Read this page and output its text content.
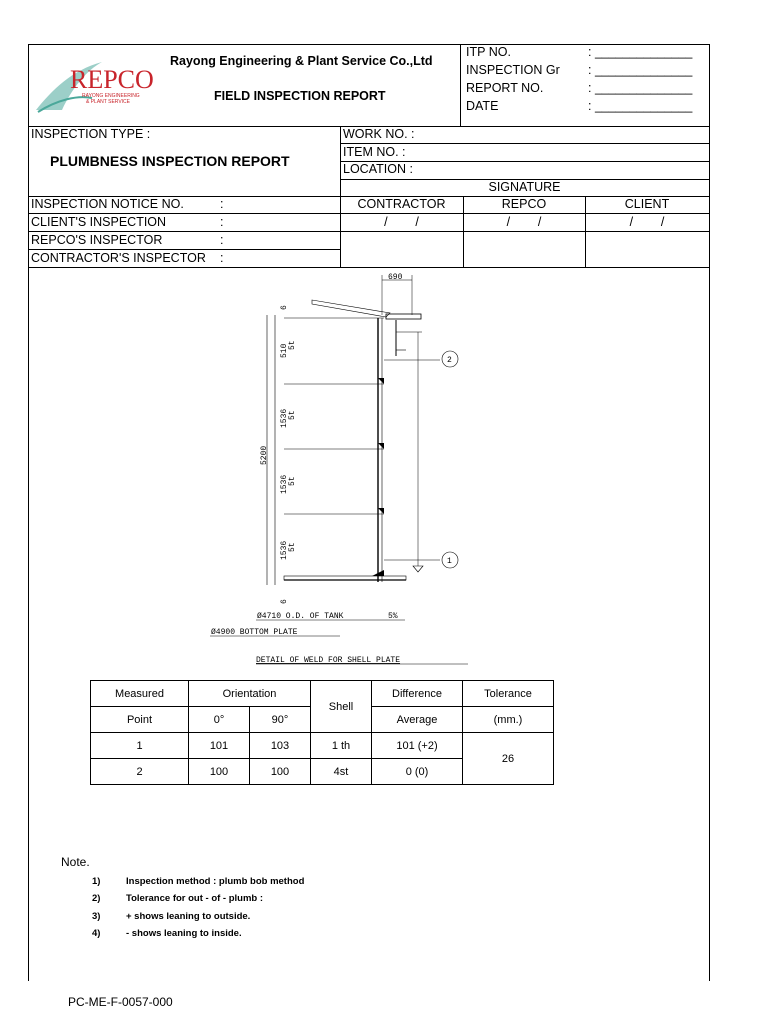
REPCO
RAYONG ENGINEERING
& PLANT SERVICE
Rayong Engineering & Plant Service Co.,Ltd
FIELD INSPECTION REPORT
ITP NO.	: ______________
INSPECTION Gr : ______________
REPORT NO.	: ______________
DATE	: ______________
INSPECTION TYPE :
PLUMBNESS INSPECTION REPORT
WORK NO. :
ITEM NO. :
LOCATION :
SIGNATURE
INSPECTION NOTICE NO.	:	CONTRACTOR	REPCO	CLIENT
CLIENT'S INSPECTION	:	/        /	/        /	/        /
REPCO'S INSPECTOR	:
CONTRACTOR'S INSPECTOR :
690
5200
510
1536
1536
1536
5t
5t
5t
5t
6
6
2
1
Ø4710 O.D. OF TANK	5%
Ø4900 BOTTOM PLATE
DETAIL OF WELD FOR SHELL PLATE
Measured	Orientation		Shell	Difference	Tolerance
Point	0°	90°		Average	(mm.)
1	101	103	1 th	101 (+2)	26
2	100	100	4st	0 (0)	
Note.
1)	Inspection method : plumb bob method
2)	Tolerance for out - of - plumb :
3)	+ shows leaning to outside.
4)	- shows leaning to inside.
PC-ME-F-0057-000
